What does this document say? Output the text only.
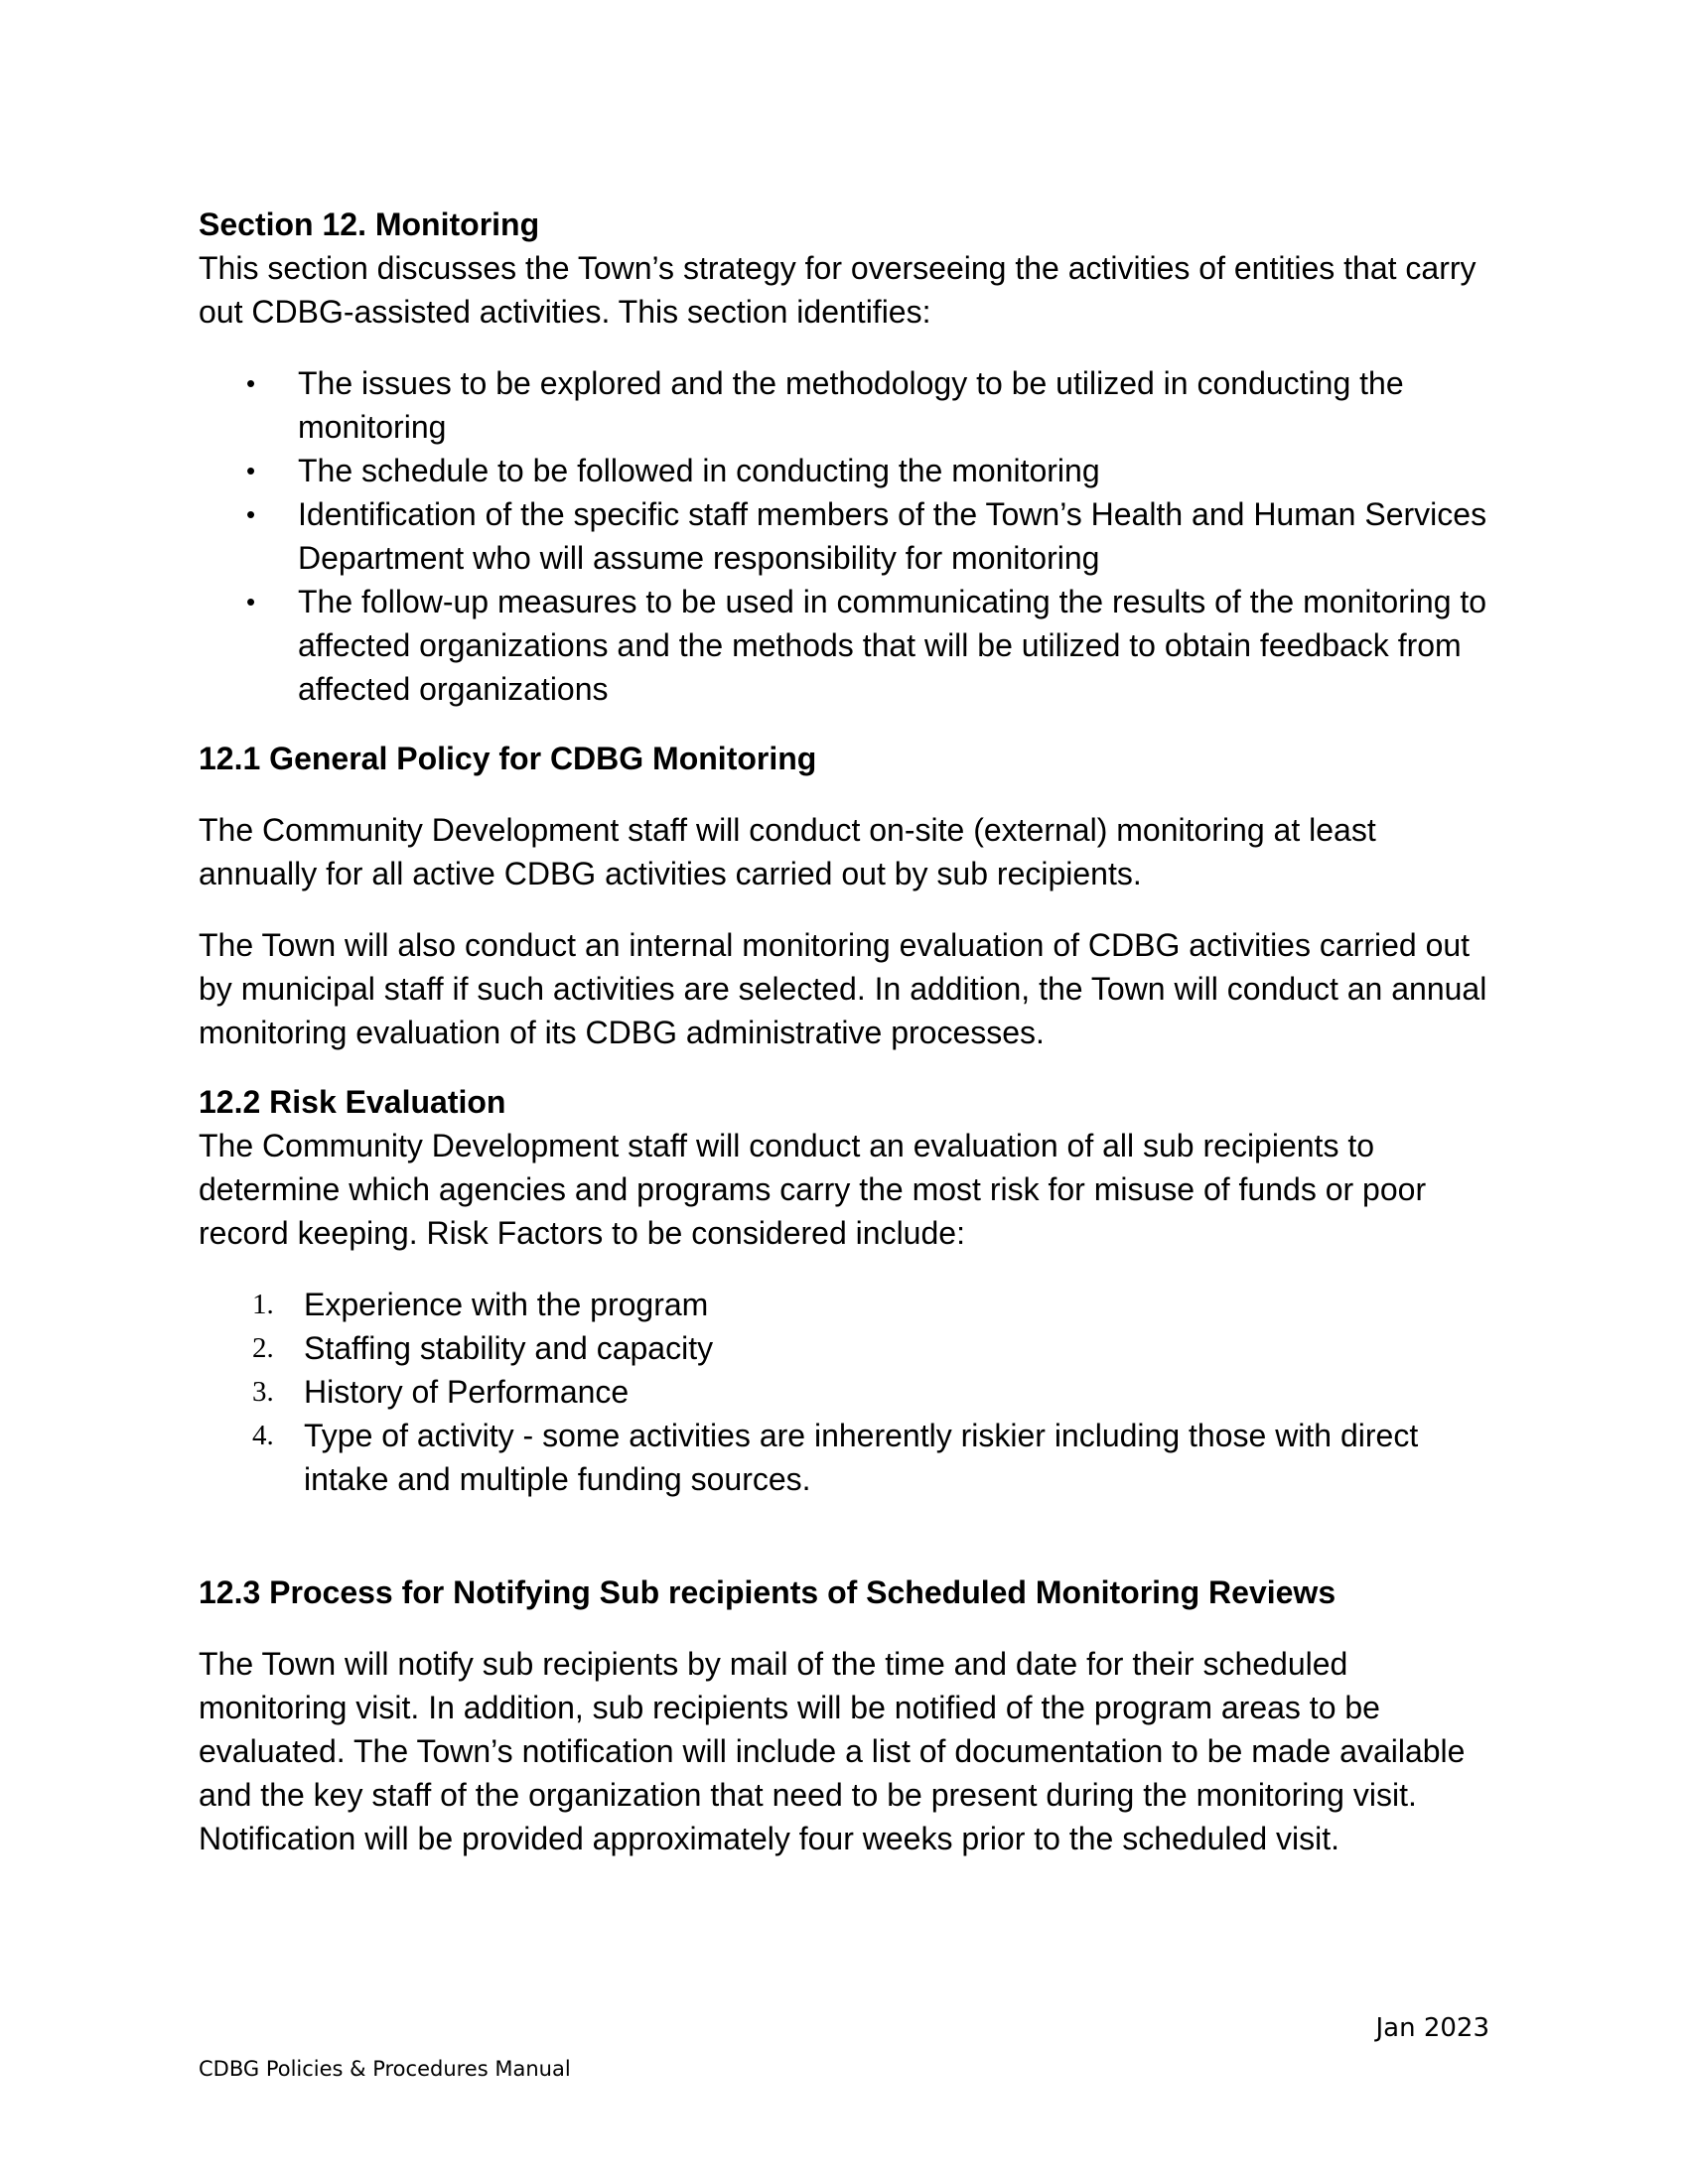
Section 12. Monitoring

This section discusses the Town’s strategy for overseeing the activities of entities that carry out CDBG-assisted activities. This section identifies:

• The issues to be explored and the methodology to be utilized in conducting the monitoring
• The schedule to be followed in conducting the monitoring
• Identification of the specific staff members of the Town’s Health and Human Services Department who will assume responsibility for monitoring
• The follow-up measures to be used in communicating the results of the monitoring to affected organizations and the methods that will be utilized to obtain feedback from affected organizations

12.1 General Policy for CDBG Monitoring

The Community Development staff will conduct on-site (external) monitoring at least annually for all active CDBG activities carried out by sub recipients.

The Town will also conduct an internal monitoring evaluation of CDBG activities carried out by municipal staff if such activities are selected. In addition, the Town will conduct an annual monitoring evaluation of its CDBG administrative processes.

12.2 Risk Evaluation

The Community Development staff will conduct an evaluation of all sub recipients to determine which agencies and programs carry the most risk for misuse of funds or poor record keeping. Risk Factors to be considered include:

1. Experience with the program
2. Staffing stability and capacity
3. History of Performance
4. Type of activity - some activities are inherently riskier including those with direct intake and multiple funding sources.

12.3 Process for Notifying Sub recipients of Scheduled Monitoring Reviews

The Town will notify sub recipients by mail of the time and date for their scheduled monitoring visit. In addition, sub recipients will be notified of the program areas to be evaluated. The Town’s notification will include a list of documentation to be made available and the key staff of the organization that need to be present during the monitoring visit. Notification will be provided approximately four weeks prior to the scheduled visit.

Jan 2023
CDBG Policies & Procedures Manual
